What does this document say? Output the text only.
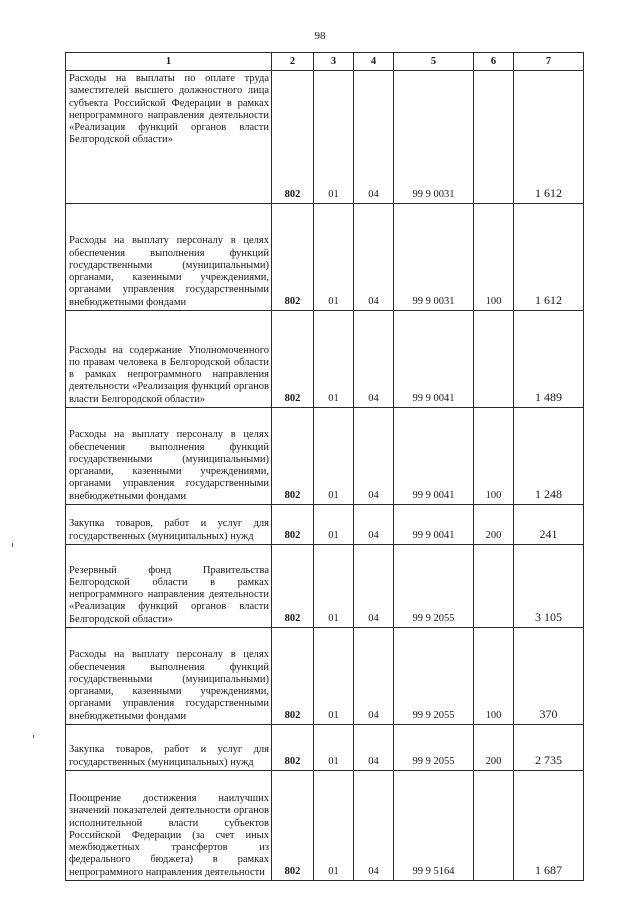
98
1	2	3	4	5	6	7
Расходы на выплаты по оплате труда заместителей высшего должностного лица субъекта Российской Федерации в рамках непрограммного направления деятельности «Реализация функций органов власти Белгородской области»	802	01	04	99 9 0031		1 612
Расходы на выплату персоналу в целях обеспечения выполнения функций государственными (муниципальными) органами, казенными учреждениями, органами управления государственными внебюджетными фондами	802	01	04	99 9 0031	100	1 612
Расходы на содержание Уполномоченного по правам человека в Белгородской области в рамках непрограммного направления деятельности «Реализация функций органов власти Белгородской области»	802	01	04	99 9 0041		1 489
Расходы на выплату персоналу в целях обеспечения выполнения функций государственными (муниципальными) органами, казенными учреждениями, органами управления государственными внебюджетными фондами	802	01	04	99 9 0041	100	1 248
Закупка товаров, работ и услуг для государственных (муниципальных) нужд	802	01	04	99 9 0041	200	241
Резервный фонд Правительства Белгородской области в рамках непрограммного направления деятельности «Реализация функций органов власти Белгородской области»	802	01	04	99 9 2055		3 105
Расходы на выплату персоналу в целях обеспечения выполнения функций государственными (муниципальными) органами, казенными учреждениями, органами управления государственными внебюджетными фондами	802	01	04	99 9 2055	100	370
Закупка товаров, работ и услуг для государственных (муниципальных) нужд	802	01	04	99 9 2055	200	2 735
Поощрение достижения наилучших значений показателей деятельности органов исполнительной власти субъектов Российской Федерации (за счет иных межбюджетных трансфертов из федерального бюджета) в рамках непрограммного направления деятельности	802	01	04	99 9 5164		1 687
